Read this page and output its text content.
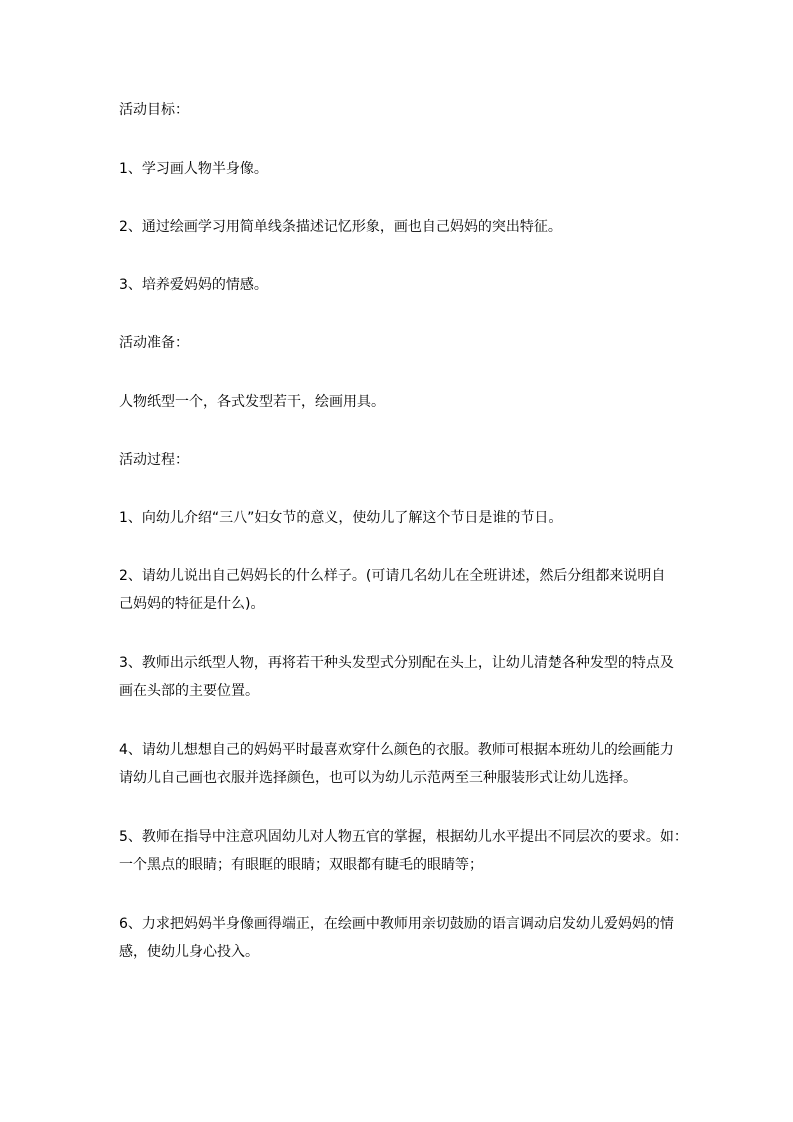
活动目标：

1、学习画人物半身像。

2、通过绘画学习用简单线条描述记忆形象，画也自己妈妈的突出特征。

3、培养爱妈妈的情感。

活动准备：

人物纸型一个，各式发型若干，绘画用具。

活动过程：

1、向幼儿介绍“三八”妇女节的意义，使幼儿了解这个节日是谁的节日。

2、请幼儿说出自己妈妈长的什么样子。(可请几名幼儿在全班讲述，然后分组都来说明自

己妈妈的特征是什么)。

3、教师出示纸型人物，再将若干种头发型式分别配在头上，让幼儿清楚各种发型的特点及

画在头部的主要位置。

4、请幼儿想想自己的妈妈平时最喜欢穿什么颜色的衣服。教师可根据本班幼儿的绘画能力

请幼儿自己画也衣服并选择颜色，也可以为幼儿示范两至三种服装形式让幼儿选择。

5、教师在指导中注意巩固幼儿对人物五官的掌握，根据幼儿水平提出不同层次的要求。如：

一个黑点的眼睛；有眼眶的眼睛；双眼都有睫毛的眼睛等；

6、力求把妈妈半身像画得端正，在绘画中教师用亲切鼓励的语言调动启发幼儿爱妈妈的情

感，使幼儿身心投入。
